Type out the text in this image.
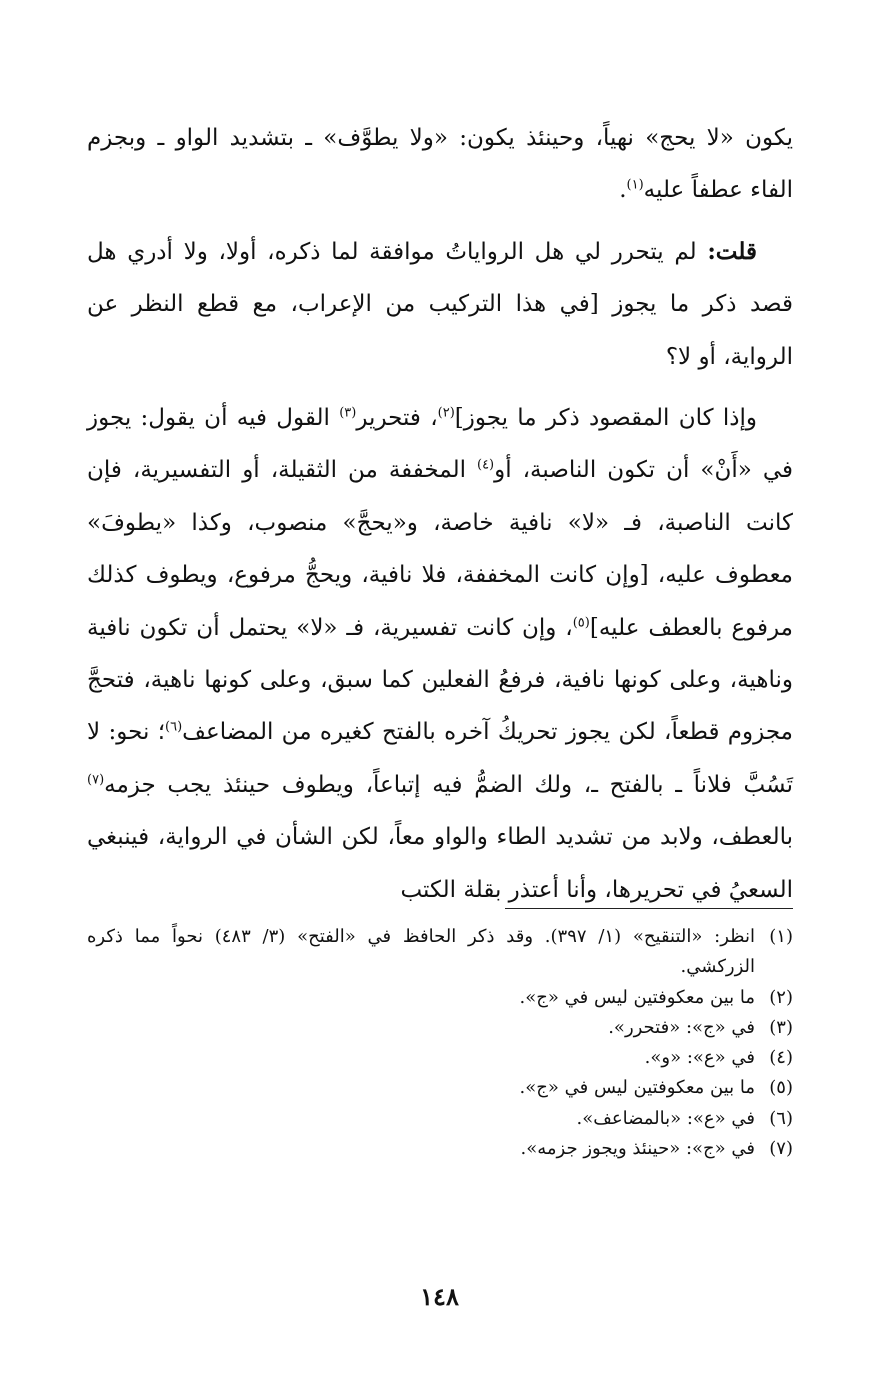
يكون «لا يحج» نهياً، وحينئذ يكون: «ولا يطوَّف» ـ بتشديد الواو ـ وبجزم الفاء عطفاً عليه$^{(١)}$.

قلت: لم يتحرر لي هل الرواياتُ موافقة لما ذكره، أولا، ولا أدري هل قصد ذكر ما يجوز [في هذا التركيب من الإعراب، مع قطع النظر عن الرواية، أو لا؟

وإذا كان المقصود ذكر ما يجوز]$^{(٢)}$، فتحرير$^{(٣)}$ القول فيه أن يقول: يجوز في «أَنْ» أن تكون الناصبة، أو$^{(٤)}$ المخففة من الثقيلة، أو التفسيرية، فإن كانت الناصبة، فـ «لا» نافية خاصة، و«يحجَّ» منصوب، وكذا «يطوفَ» معطوف عليه، [وإن كانت المخففة، فلا نافية، ويحجُّ مرفوع، ويطوف كذلك مرفوع بالعطف عليه]$^{(٥)}$، وإن كانت تفسيرية، فـ «لا» يحتمل أن تكون نافية وناهية، وعلى كونها نافية، فرفعُ الفعلين كما سبق، وعلى كونها ناهية، فتحجَّ مجزوم قطعاً، لكن يجوز تحريكُ آخره بالفتح كغيره من المضاعف$^{(٦)}$؛ نحو: لا تَسُبَّ فلاناً ـ بالفتح ـ، ولك الضمُّ فيه إتباعاً، ويطوف حينئذ يجب جزمه$^{(٧)}$ بالعطف، ولابد من تشديد الطاء والواو معاً، لكن الشأن في الرواية، فينبغي السعيُ في تحريرها، وأنا أعتذر بقلة الكتب

(١)
انظر: «التنقيح» (١/ ٣٩٧). وقد ذكر الحافظ في «الفتح» (٣/ ٤٨٣) نحواً مما ذكره الزركشي.
(٢)
ما بين معكوفتين ليس في «ج».
(٣)
في «ج»: «فتحرر».
(٤)
في «ع»: «و».
(٥)
ما بين معكوفتين ليس في «ج».
(٦)
في «ع»: «بالمضاعف».
(٧)
في «ج»: «حينئذ ويجوز جزمه».
١٤٨
